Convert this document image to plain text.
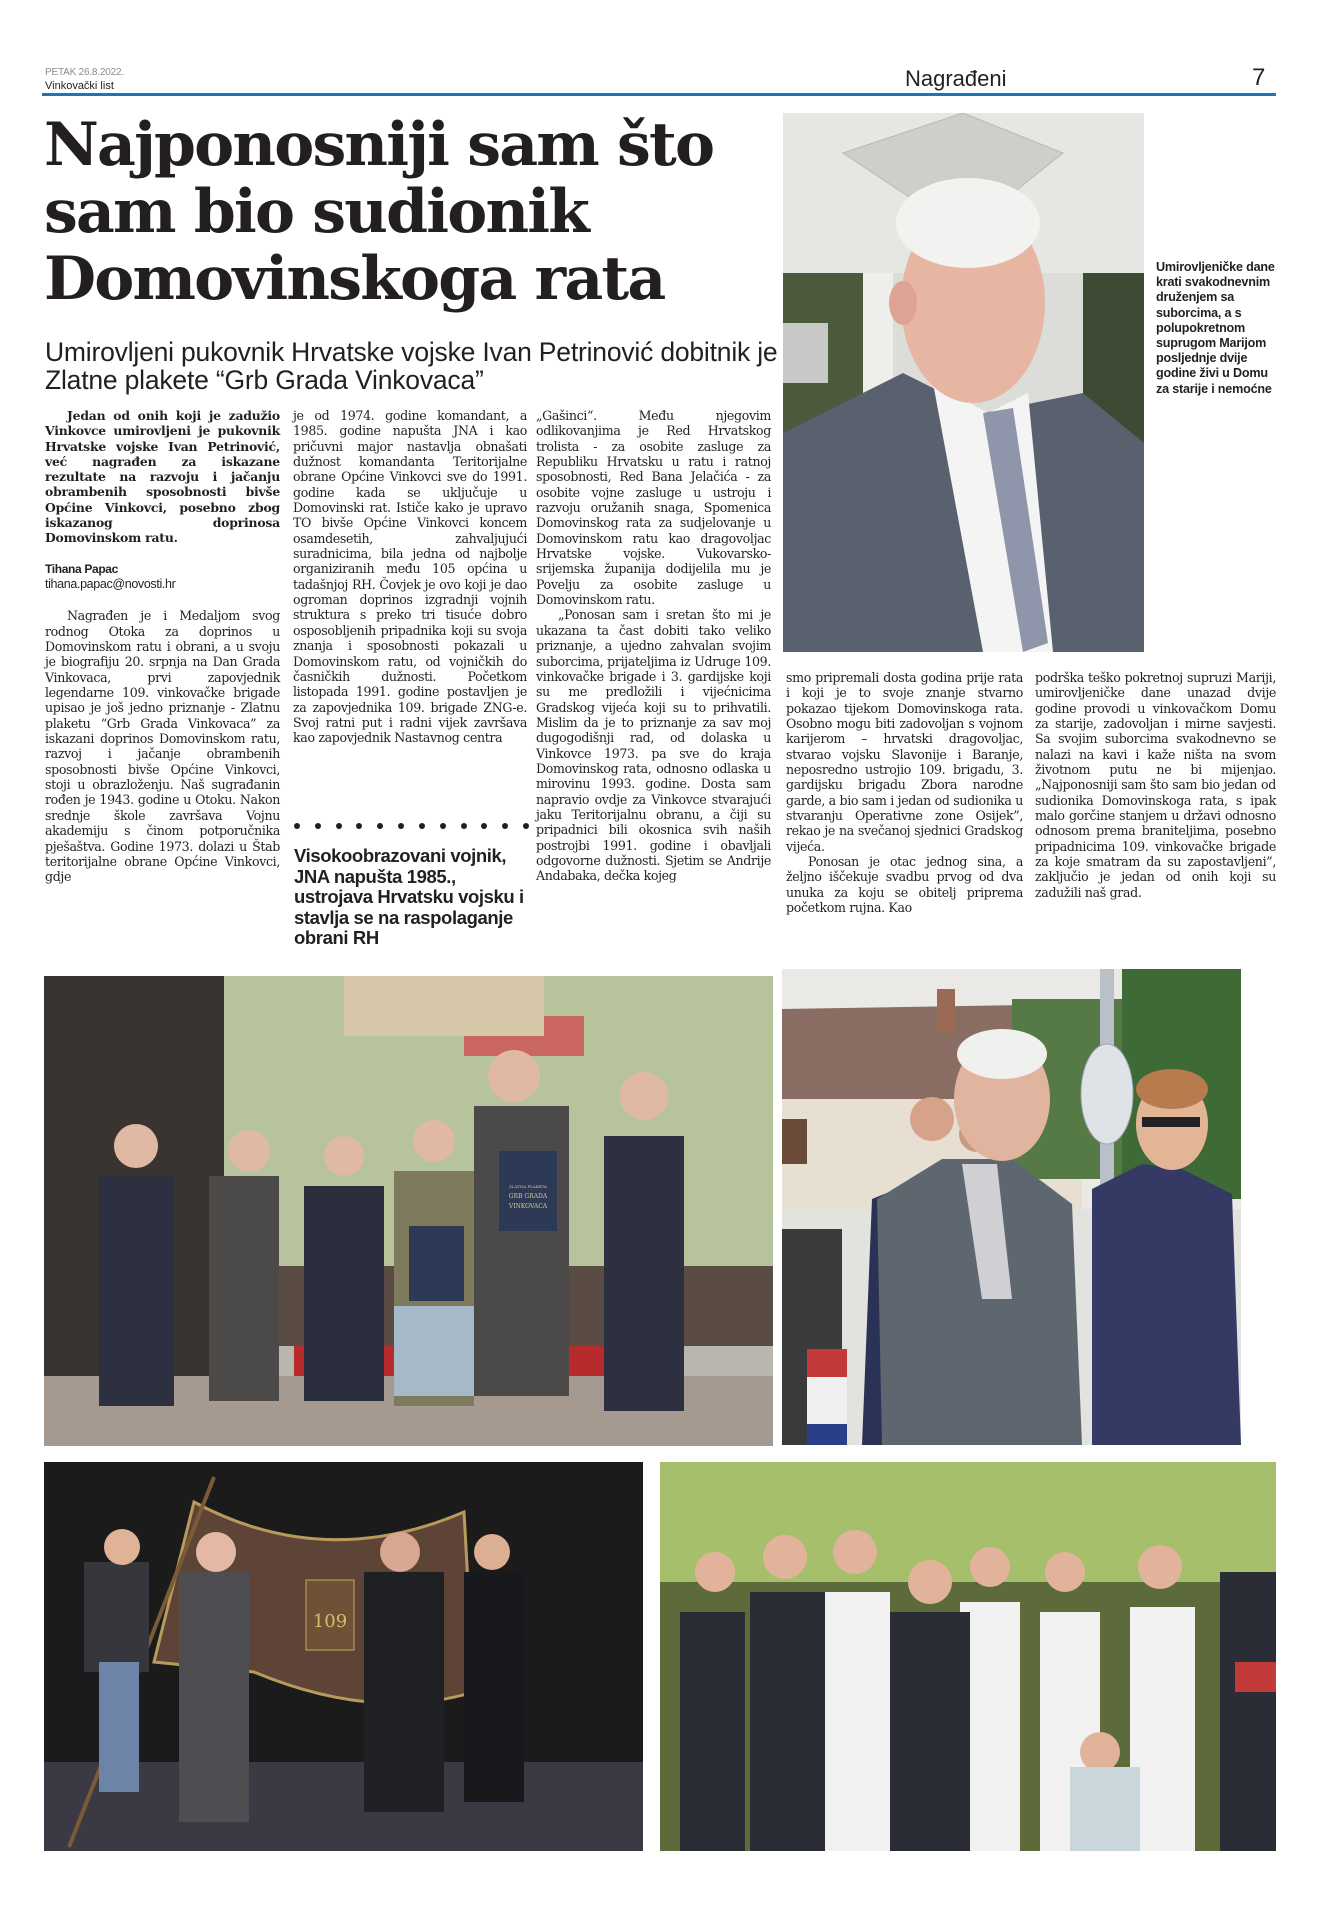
PETAK 26.8.2022.
Vinkovački list	Nagrađeni	7
Najponosniji sam što sam bio sudionik Domovinskoga rata

Umirovljeni pukovnik Hrvatske vojske Ivan Petrinović dobitnik je Zlatne plakete “Grb Grada Vinkovaca”

Jedan od onih koji je zadužio Vinkovce umirovljeni je pukovnik Hrvatske vojske Ivan Petrinović, već nagrađen za iskazane rezultate na razvoju i jačanju obrambenih sposobnosti bivše Općine Vinkovci, posebno zbog iskazanog doprinosa Domovinskom ratu.

Tihana Papac

tihana.papac@novosti.hr

Nagrađen je i Medaljom svog rodnog Otoka za doprinos u Domovinskom ratu i obrani, a u svoju je biografiju 20. srpnja na Dan Grada Vinkovaca, prvi zapovjednik legendarne 109. vinkovačke brigade upisao je još jedno priznanje - Zlatnu plaketu “Grb Grada Vinkovaca” za iskazani doprinos Domovinskom ratu, razvoj i jačanje obrambenih sposobnosti bivše Općine Vinkovci, stoji u obrazloženju. Naš sugrađanin rođen je 1943. godine u Otoku. Nakon srednje škole završava Vojnu akademiju s činom potporučnika pješaštva. Godine 1973. dolazi u Štab teritorijalne obrane Općine Vinkovci, gdje

je od 1974. godine komandant, a 1985. godine napušta JNA i kao pričuvni major nastavlja obnašati dužnost komandanta Teritorijalne obrane Općine Vinkovci sve do 1991. godine kada se uključuje u Domovinski rat. Ističe kako je upravo TO bivše Općine Vinkovci koncem osamdesetih, zahvaljujući suradnicima, bila jedna od najbolje organiziranih među 105 općina u tadašnjoj RH. Čovjek je ovo koji je dao ogroman doprinos izgradnji vojnih struktura s preko tri tisuće dobro osposobljenih pripadnika koji su svoja znanja i sposobnosti pokazali u Domovinskom ratu, od vojničkih do časničkih dužnosti. Početkom listopada 1991. godine postavljen je za zapovjednika 109. brigade ZNG-e. Svoj ratni put i radni vijek završava kao zapovjednik Nastavnog centra

Visokoobrazovani vojnik, JNA napušta 1985., ustrojava Hrvatsku vojsku i stavlja se na raspolaganje obrani RH

„Gašinci“. Među njegovim odlikovanjima je Red Hrvatskog trolista - za osobite zasluge za Republiku Hrvatsku u ratu i ratnoj sposobnosti, Red Bana Jelačića - za osobite vojne zasluge u ustroju i razvoju oružanih snaga, Spomenica Domovinskog rata za sudjelovanje u Domovinskom ratu kao dragovoljac Hrvatske vojske. Vukovarsko-srijemska županija dodijelila mu je Povelju za osobite zasluge u Domovinskom ratu.

„Ponosan sam i sretan što mi je ukazana ta čast dobiti tako veliko priznanje, a ujedno zahvalan svojim suborcima, prijateljima iz Udruge 109. vinkovačke brigade i 3. gardijske koji su me predložili i vijećnicima Gradskog vijeća koji su to prihvatili. Mislim da je to priznanje za sav moj dugogodišnji rad, od dolaska u Vinkovce 1973. pa sve do kraja Domovinskog rata, odnosno odlaska u mirovinu 1993. godine. Dosta sam napravio ovdje za Vinkovce stvarajući jaku Teritorijalnu obranu, a čiji su pripadnici bili okosnica svih naših postrojbi 1991. godine i obavljali odgovorne dužnosti. Sjetim se Andrije Andabaka, dečka kojeg

smo pripremali dosta godina prije rata i koji je to svoje znanje stvarno pokazao tijekom Domovinskoga rata. Osobno mogu biti zadovoljan s vojnom karijerom – hrvatski dragovoljac, stvarao vojsku Slavonije i Baranje, neposredno ustrojio 109. brigadu, 3. gardijsku brigadu Zbora narodne garde, a bio sam i jedan od sudionika u stvaranju Operativne zone Osijek”, rekao je na svečanoj sjednici Gradskog vijeća.

Ponosan je otac jednog sina, a željno iščekuje svadbu prvog od dva unuka za koju se obitelj priprema početkom rujna. Kao

podrška teško pokretnoj supruzi Mariji, umirovljeničke dane unazad dvije godine provodi u vinkovačkom Domu za starije, zadovoljan i mirne savjesti. Sa svojim suborcima svakodnevno se nalazi na kavi i kaže ništa na svom životnom putu ne bi mijenjao. „Najponosniji sam što sam bio jedan od sudionika Domovinskoga rata, s ipak malo gorčine stanjem u državi odnosno odnosom prema braniteljima, posebno pripadnicima 109. vinkovačke brigade za koje smatram da su zapostavljeni”, zaključio je jedan od onih koji su zadužili naš grad.

Umirovljeničke dane krati svakodnevnim druženjem sa suborcima, a s polupokretnom suprugom Marijom posljednje dvije godine živi u Domu za starije i nemoćne

GRB GRADA
VINKOVACA
ZLATNA PLAKETA
109
